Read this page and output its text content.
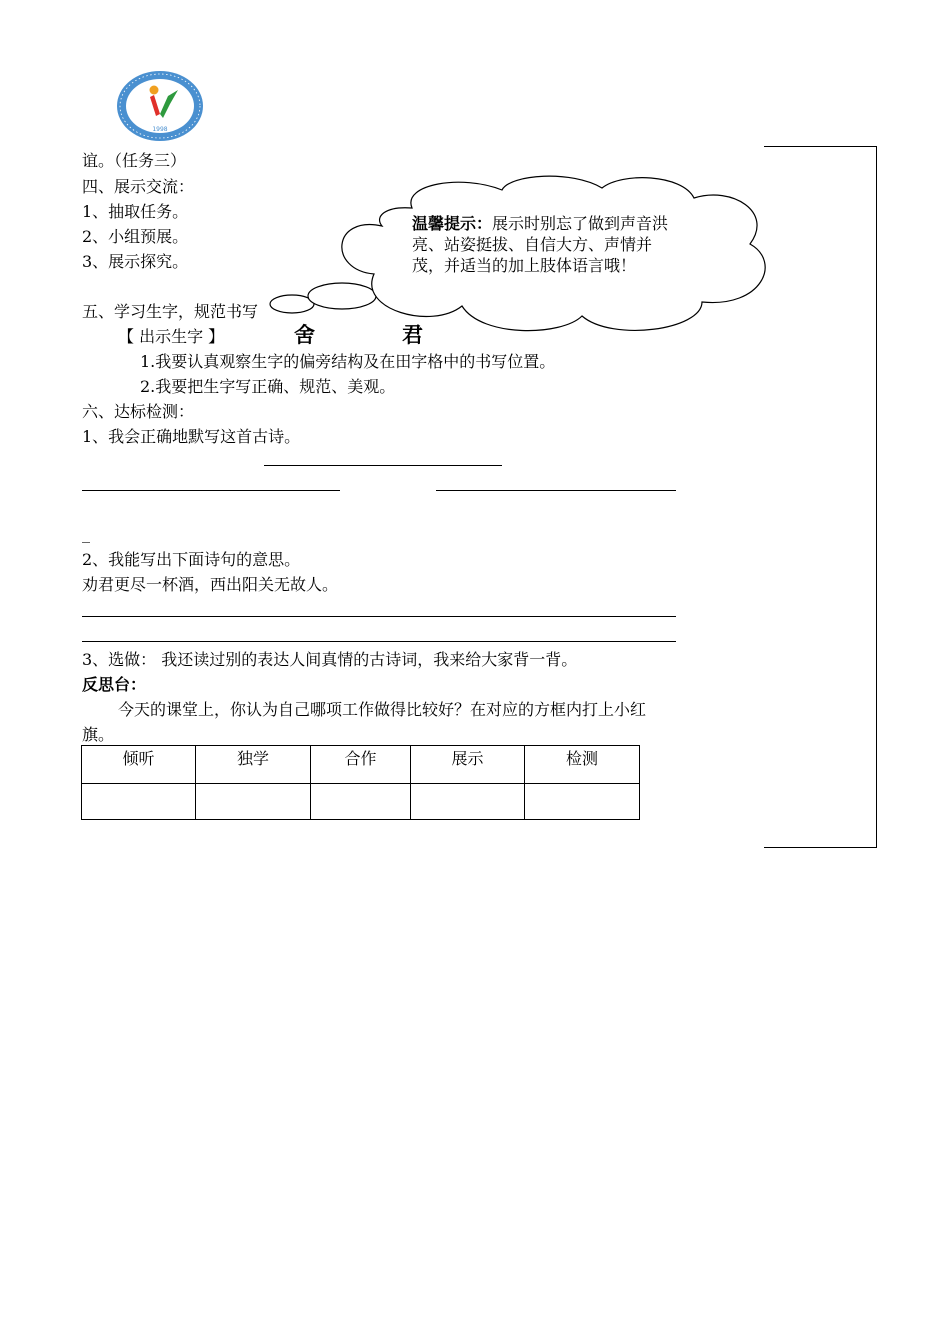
1998
谊。（任务三）
四、展示交流：
1、抽取任务。
2、小组预展。
3、展示探究。
五、学习生字，规范书写
温馨提示：展示时别忘了做到声音洪亮、站姿挺拔、自信大方、声情并茂，并适当的加上肢体语言哦！
【 出示生字 】	舍	君
1.我要认真观察生字的偏旁结构及在田字格中的书写位置。
2.我要把生字写正确、规范、美观。
六、达标检测：
1、我会正确地默写这首古诗。
_
2、我能写出下面诗句的意思。
劝君更尽一杯酒，西出阳关无故人。
3、选做： 我还读过别的表达人间真情的古诗词，我来给大家背一背。
反思台：
今天的课堂上，你认为自己哪项工作做得比较好？在对应的方框内打上小红
旗。
倾听	独学	合作	展示	检测
